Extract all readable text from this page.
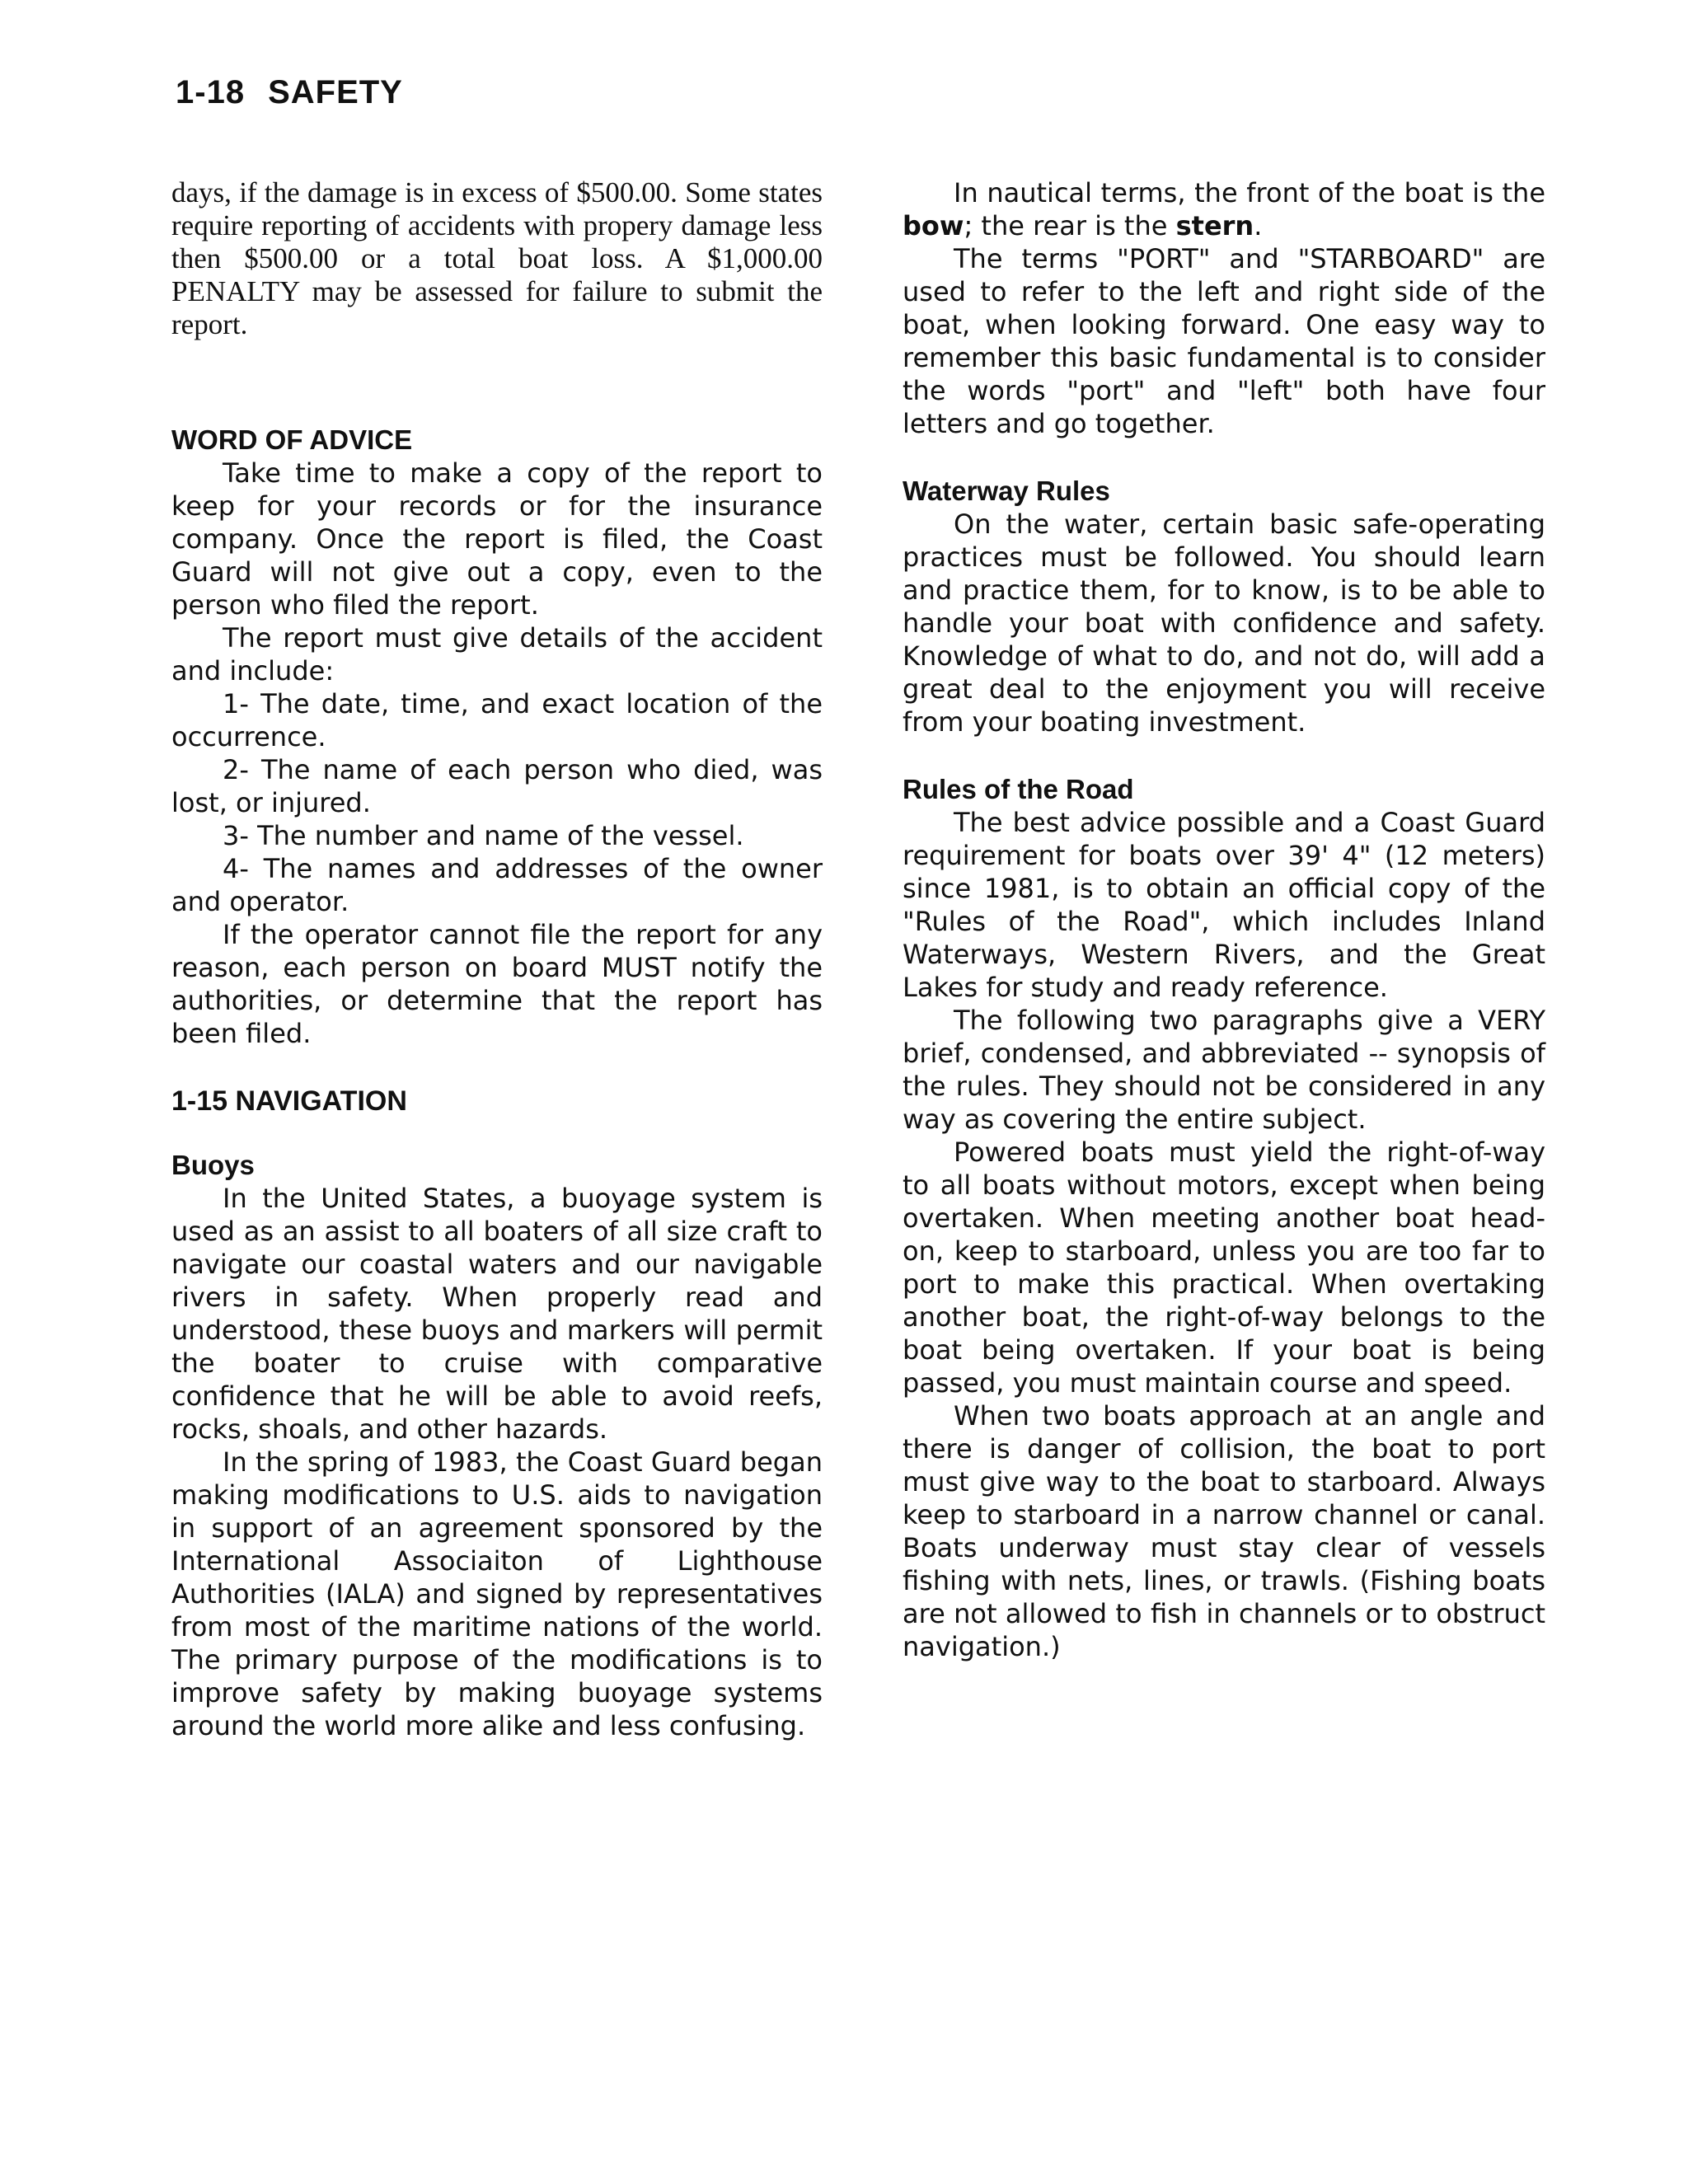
1-18 SAFETY

days, if the damage is in excess of $500.00. Some states require reporting of accidents with propery damage less then $500.00 or a total boat loss. A $1,000.00 PENALTY may be assessed for failure to submit the report.

WORD OF ADVICE

Take time to make a copy of the report to keep for your records or for the insurance company. Once the report is filed, the Coast Guard will not give out a copy, even to the person who filed the report.

The report must give details of the accident and include:

1- The date, time, and exact location of the occurrence.

2- The name of each person who died, was lost, or injured.

3- The number and name of the vessel.

4- The names and addresses of the owner and operator.

If the operator cannot file the report for any reason, each person on board MUST notify the authorities, or determine that the report has been filed.

1-15 NAVIGATION
Buoys

In the United States, a buoyage system is used as an assist to all boaters of all size craft to navigate our coastal waters and our navigable rivers in safety. When properly read and understood, these buoys and markers will permit the boater to cruise with comparative confidence that he will be able to avoid reefs, rocks, shoals, and other hazards.

In the spring of 1983, the Coast Guard began making modifications to U.S. aids to navigation in support of an agreement sponsored by the International Associaiton of Lighthouse Authorities (IALA) and signed by representatives from most of the maritime nations of the world. The primary purpose of the modifications is to improve safety by making buoyage systems around the world more alike and less confusing.

In nautical terms, the front of the boat is the bow; the rear is the stern.

The terms "PORT" and "STARBOARD" are used to refer to the left and right side of the boat, when looking forward. One easy way to remember this basic fundamental is to consider the words "port" and "left" both have four letters and go together.

Waterway Rules

On the water, certain basic safe-operating practices must be followed. You should learn and practice them, for to know, is to be able to handle your boat with confidence and safety. Knowledge of what to do, and not do, will add a great deal to the enjoyment you will receive from your boating investment.

Rules of the Road

The best advice possible and a Coast Guard requirement for boats over 39' 4" (12 meters) since 1981, is to obtain an official copy of the "Rules of the Road", which includes Inland Waterways, Western Rivers, and the Great Lakes for study and ready reference.

The following two paragraphs give a VERY brief, condensed, and abbreviated -- synopsis of the rules. They should not be considered in any way as covering the entire subject.

Powered boats must yield the right-of-way to all boats without motors, except when being overtaken. When meeting another boat head-on, keep to starboard, unless you are too far to port to make this practical. When overtaking another boat, the right-of-way belongs to the boat being overtaken. If your boat is being passed, you must maintain course and speed.

When two boats approach at an angle and there is danger of collision, the boat to port must give way to the boat to starboard. Always keep to starboard in a narrow channel or canal. Boats underway must stay clear of vessels fishing with nets, lines, or trawls. (Fishing boats are not allowed to fish in channels or to obstruct navigation.)
